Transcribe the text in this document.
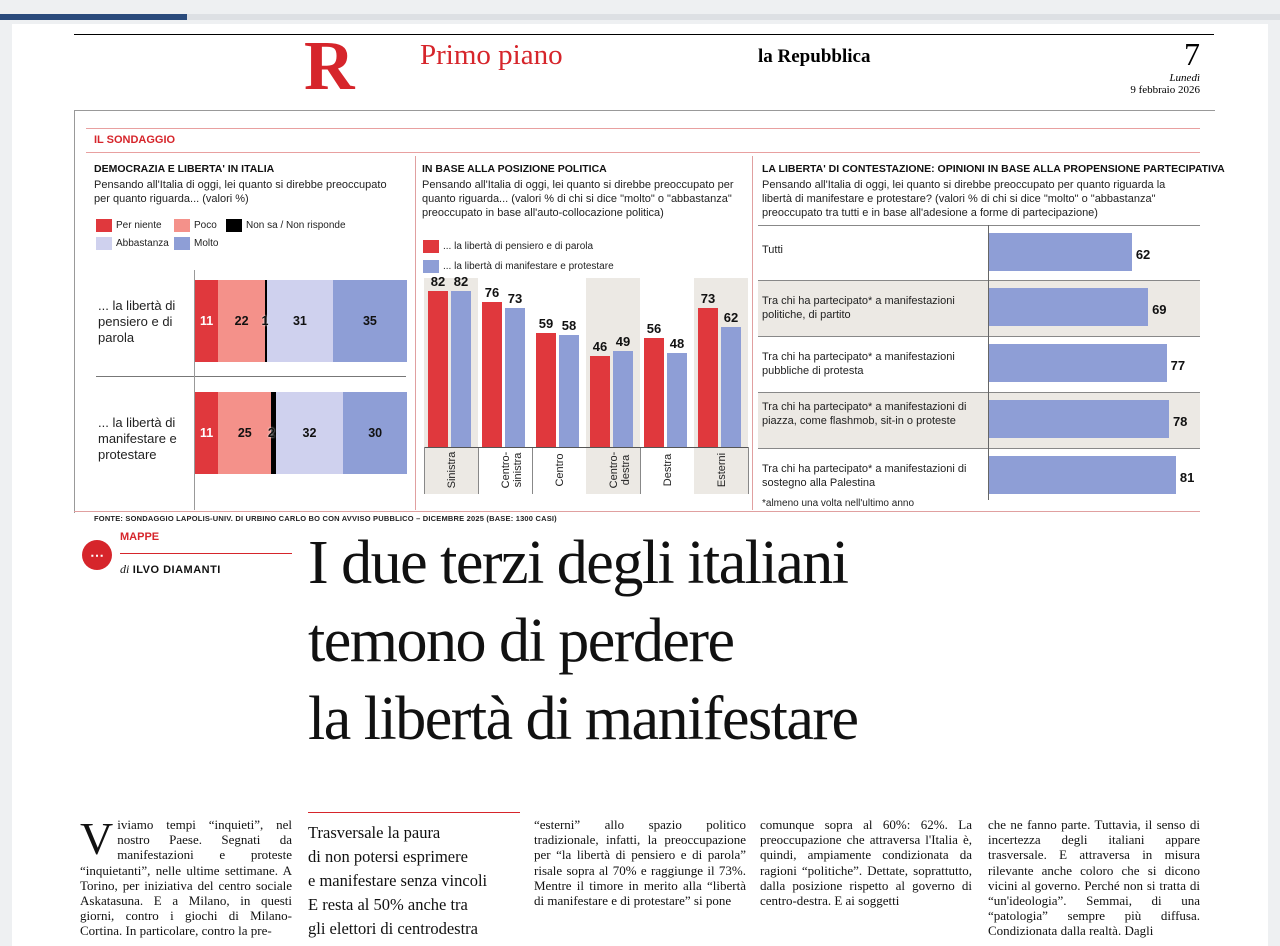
R Primo piano	la Repubblica	7
Lunedì
9 febbraio 2026
IL SONDAGGIO
DEMOCRAZIA E LIBERTA' IN ITALIA
Pensando all'Italia di oggi, lei quanto si direbbe preoccupato per quanto riguarda... (valori %)
Per niente	Poco	Non sa / Non risponde
Abbastanza	Molto
... la libertà di pensiero e di parola
... la libertà di manifestare e protestare
11 22 1 31	35
11 25 2 32	30
IN BASE ALLA POSIZIONE POLITICA
Pensando all'Italia di oggi, lei quanto si direbbe preoccupato per quanto riguarda... (valori % di chi si dice "molto" o "abbastanza" preoccupato in base all'auto-collocazione politica)
... la libertà di pensiero e di parola
... la libertà di manifestare e protestare
82 82
Sinistra
76 73
Centro-sinistra
59 58
Centro
46 49
Centro-destra
56
48
Destra
73
62
Esterni
LA LIBERTA' DI CONTESTAZIONE: OPINIONI IN BASE ALLA PROPENSIONE PARTECIPATIVA
Pensando all'Italia di oggi, lei quanto si direbbe preoccupato per quanto riguarda la libertà di manifestare e protestare? (valori % di chi si dice "molto" o "abbastanza" preoccupato tra tutti e in base all'adesione a forme di partecipazione)
Tutti	62
Tra chi ha partecipato* a manifestazioni politiche, di partito	69
Tra chi ha partecipato* a manifestazioni pubbliche di protesta	77
Tra chi ha partecipato* a manifestazioni di piazza, come flashmob, sit-in o proteste	78
Tra chi ha partecipato* a manifestazioni di sostegno alla Palestina	81
*almeno una volta nell'ultimo anno
FONTE: SONDAGGIO LAPOLIS-UNIV. DI URBINO CARLO BO CON AVVISO PUBBLICO – DICEMBRE 2025 (BASE: 1300 CASI)
⋯
MAPPE
di ILVO DIAMANTI I due terzi degli italiani
temono di perdere
la libertà di manifestare
Viviamo tempi “inquieti”, nel nostro Paese. Segnati da manifestazioni e proteste “inquietanti”, nelle ultime settimane. A Torino, per iniziativa del centro sociale Askatasuna. E a Milano, in questi giorni, contro i giochi di Milano-Cortina. In particolare, contro la pre-
Trasversale la paura
di non potersi esprimere
e manifestare senza vincoli
E resta al 50% anche tra
gli elettori di centrodestra
“esterni” allo spazio politico tradizionale, infatti, la preoccupazione per “la libertà di pensiero e di parola” risale sopra al 70% e raggiunge il 73%. Mentre il timore in merito alla “libertà di manifestare e di protestare” si pone
comunque sopra al 60%: 62%. La preoccupazione che attraversa l'Italia è, quindi, ampiamente condizionata da ragioni “politiche”. Dettate, soprattutto, dalla posizione rispetto al governo di centro-destra. E ai soggetti
che ne fanno parte. Tuttavia, il senso di incertezza degli italiani appare trasversale. E attraversa in misura rilevante anche coloro che si dicono vicini al governo. Perché non si tratta di “un'ideologia”. Semmai, di una “patologia” sempre più diffusa. Condizionata dalla realtà. Dagli
